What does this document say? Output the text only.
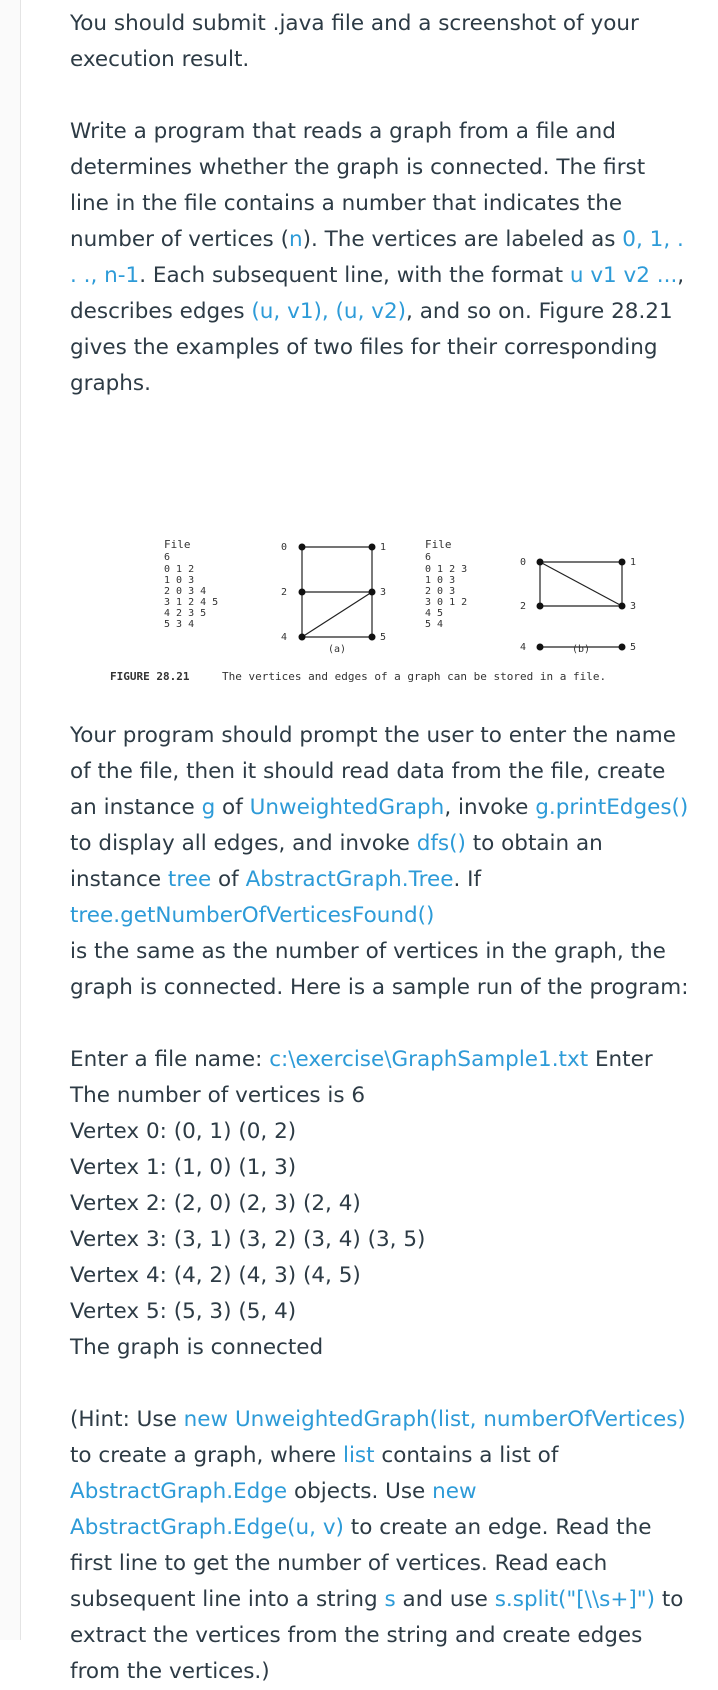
You should submit .java file and a screenshot of your execution result.

Write a program that reads a graph from a file and determines whether the graph is connected. The first line in the file contains a number that indicates the number of vertices (n). The vertices are labeled as 0, 1, . . ., n-1. Each subsequent line, with the format u v1 v2 ..., describes edges (u, v1), (u, v2), and so on. Figure 28.21 gives the examples of two files for their corresponding graphs.

File
6
0 1 2
1 0 3
2 0 3 4
3 1 2 4 5
4 2 3 5
5 3 4
0	1
2	3
4	5
(a)
File
6
0 1 2 3
1 0 3
2 0 3
3 0 1 2
4 5
5 4
0	1
2	3
4	5
(b)
FIGURE 28.21	The vertices and edges of a graph can be stored in a file.

Your program should prompt the user to enter the name of the file, then it should read data from the file, create an instance g of UnweightedGraph, invoke g.printEdges() to display all edges, and invoke dfs() to obtain an instance tree of AbstractGraph.Tree. If
tree.getNumberOfVerticesFound()
is the same as the number of vertices in the graph, the graph is connected. Here is a sample run of the program:

Enter a file name: c:\exercise\GraphSample1.txt Enter

The number of vertices is 6

Vertex 0: (0, 1) (0, 2)

Vertex 1: (1, 0) (1, 3)

Vertex 2: (2, 0) (2, 3) (2, 4)

Vertex 3: (3, 1) (3, 2) (3, 4) (3, 5)

Vertex 4: (4, 2) (4, 3) (4, 5)

Vertex 5: (5, 3) (5, 4)

The graph is connected

(Hint: Use new UnweightedGraph(list, numberOfVertices) to create a graph, where list contains a list of AbstractGraph.Edge objects. Use new AbstractGraph.Edge(u, v) to create an edge. Read the first line to get the number of vertices. Read each subsequent line into a string s and use s.split("[\\s+]") to extract the vertices from the string and create edges from the vertices.)
